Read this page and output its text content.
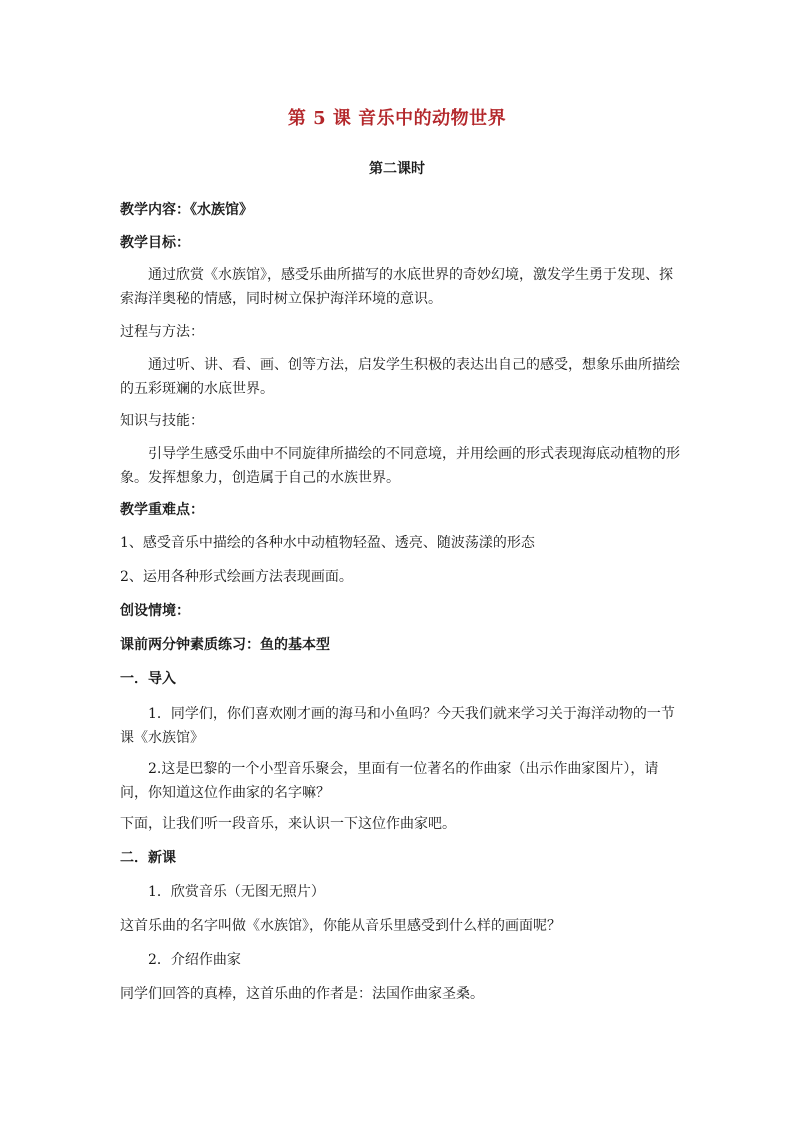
第 5 课 音乐中的动物世界
第二课时

教学内容：《水族馆》

教学目标：

通过欣赏《水族馆》，感受乐曲所描写的水底世界的奇妙幻境，激发学生勇于发现、探索海洋奥秘的情感，同时树立保护海洋环境的意识。

过程与方法：

通过听、讲、看、画、创等方法，启发学生积极的表达出自己的感受，想象乐曲所描绘的五彩斑斓的水底世界。

知识与技能：

引导学生感受乐曲中不同旋律所描绘的不同意境，并用绘画的形式表现海底动植物的形象。发挥想象力，创造属于自己的水族世界。

教学重难点：

1、感受音乐中描绘的各种水中动植物轻盈、透亮、随波荡漾的形态

2、运用各种形式绘画方法表现画面。

创设情境：

课前两分钟素质练习：鱼的基本型

一．导入

1．同学们，你们喜欢刚才画的海马和小鱼吗？今天我们就来学习关于海洋动物的一节课《水族馆》

2.这是巴黎的一个小型音乐聚会，里面有一位著名的作曲家（出示作曲家图片），请问，你知道这位作曲家的名字嘛？

下面，让我们听一段音乐，来认识一下这位作曲家吧。

二．新课

1．欣赏音乐（无图无照片）

这首乐曲的名字叫做《水族馆》，你能从音乐里感受到什么样的画面呢？

2．介绍作曲家

同学们回答的真棒，这首乐曲的作者是：法国作曲家圣桑。
